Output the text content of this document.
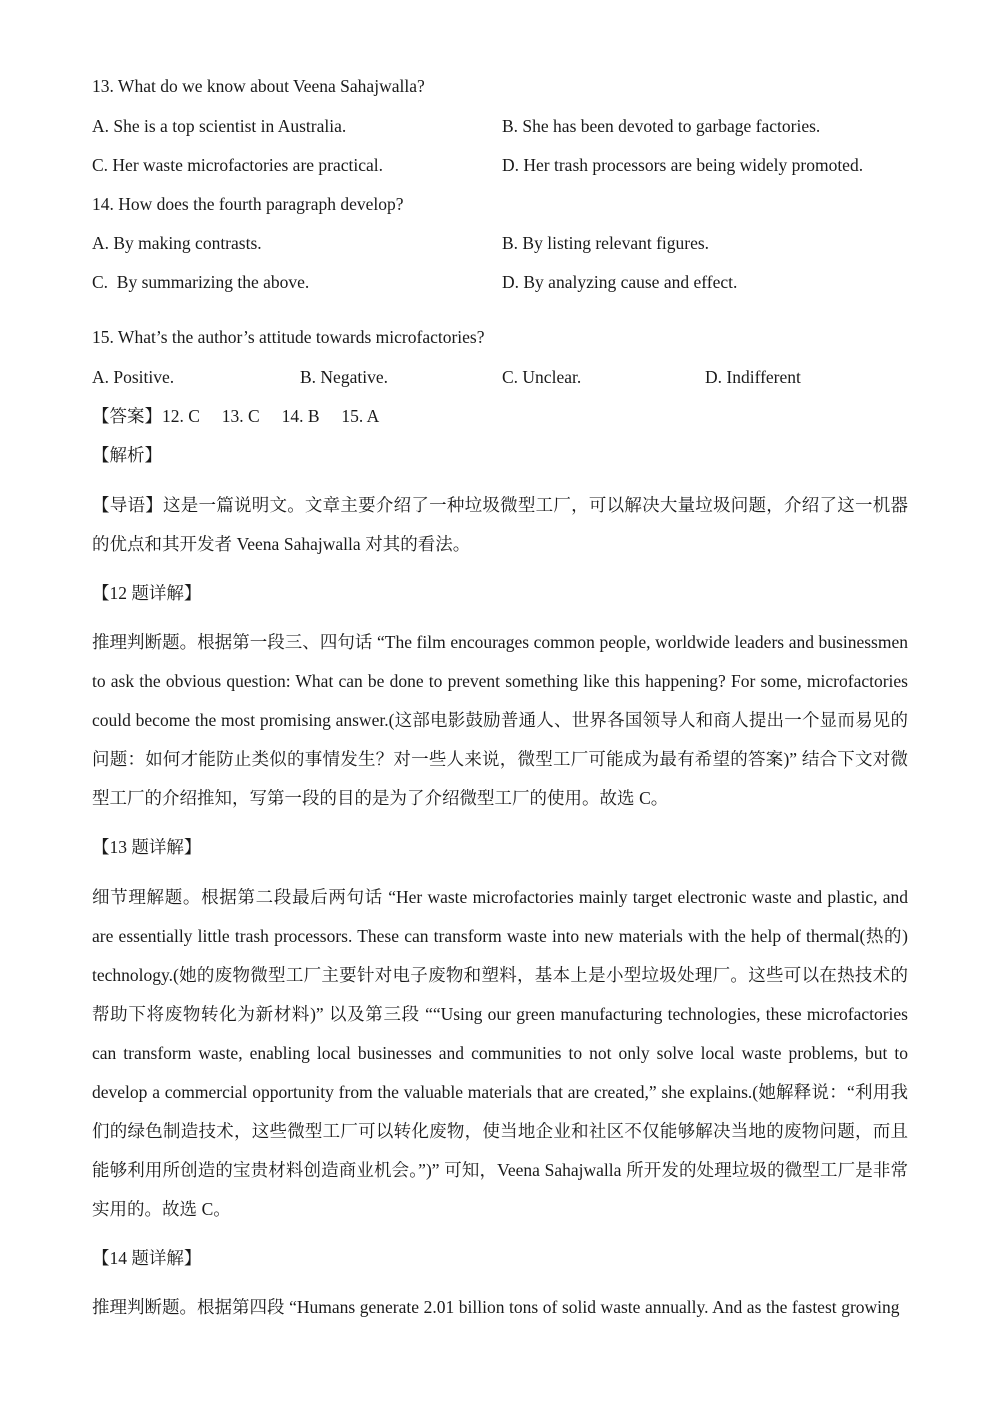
13. What do we know about Veena Sahajwalla?

A. She is a top scientist in Australia.	B. She has been devoted to garbage factories.
C. Her waste microfactories are practical.	D. Her trash processors are being widely promoted.

14. How does the fourth paragraph develop?

A. By making contrasts.	B. By listing relevant figures.
C.  By summarizing the above.	D. By analyzing cause and effect.

15. What’s the author’s attitude towards microfactories?

A. Positive.	B. Negative.	C. Unclear.	D. Indifferent

【答案】12. C  13. C  14. B  15. A

【解析】

【导语】这是一篇说明文。文章主要介绍了一种垃圾微型工厂，可以解决大量垃圾问题，介绍了这一机器的优点和其开发者 Veena Sahajwalla 对其的看法。

【12 题详解】

推理判断题。根据第一段三、四句话 “The film encourages common people, worldwide leaders and businessmen to ask the obvious question: What can be done to prevent something like this happening? For some, microfactories could become the most promising answer.(这部电影鼓励普通人、世界各国领导人和商人提出一个显而易见的问题：如何才能防止类似的事情发生？对一些人来说，微型工厂可能成为最有希望的答案)” 结合下文对微型工厂的介绍推知，写第一段的目的是为了介绍微型工厂的使用。故选 C。

【13 题详解】

细节理解题。根据第二段最后两句话 “Her waste microfactories mainly target electronic waste and plastic, and are essentially little trash processors. These can transform waste into new materials with the help of thermal(热的) technology.(她的废物微型工厂主要针对电子废物和塑料，基本上是小型垃圾处理厂。这些可以在热技术的帮助下将废物转化为新材料)” 以及第三段 ““Using our green manufacturing technologies, these microfactories can transform waste, enabling local businesses and communities to not only solve local waste problems, but to develop a commercial opportunity from the valuable materials that are created,” she explains.(她解释说：“利用我们的绿色制造技术，这些微型工厂可以转化废物，使当地企业和社区不仅能够解决当地的废物问题，而且能够利用所创造的宝贵材料创造商业机会。”)” 可知，Veena Sahajwalla 所开发的处理垃圾的微型工厂是非常实用的。故选 C。

【14 题详解】

推理判断题。根据第四段 “Humans generate 2.01 billion tons of solid waste annually. And as the fastest growing
